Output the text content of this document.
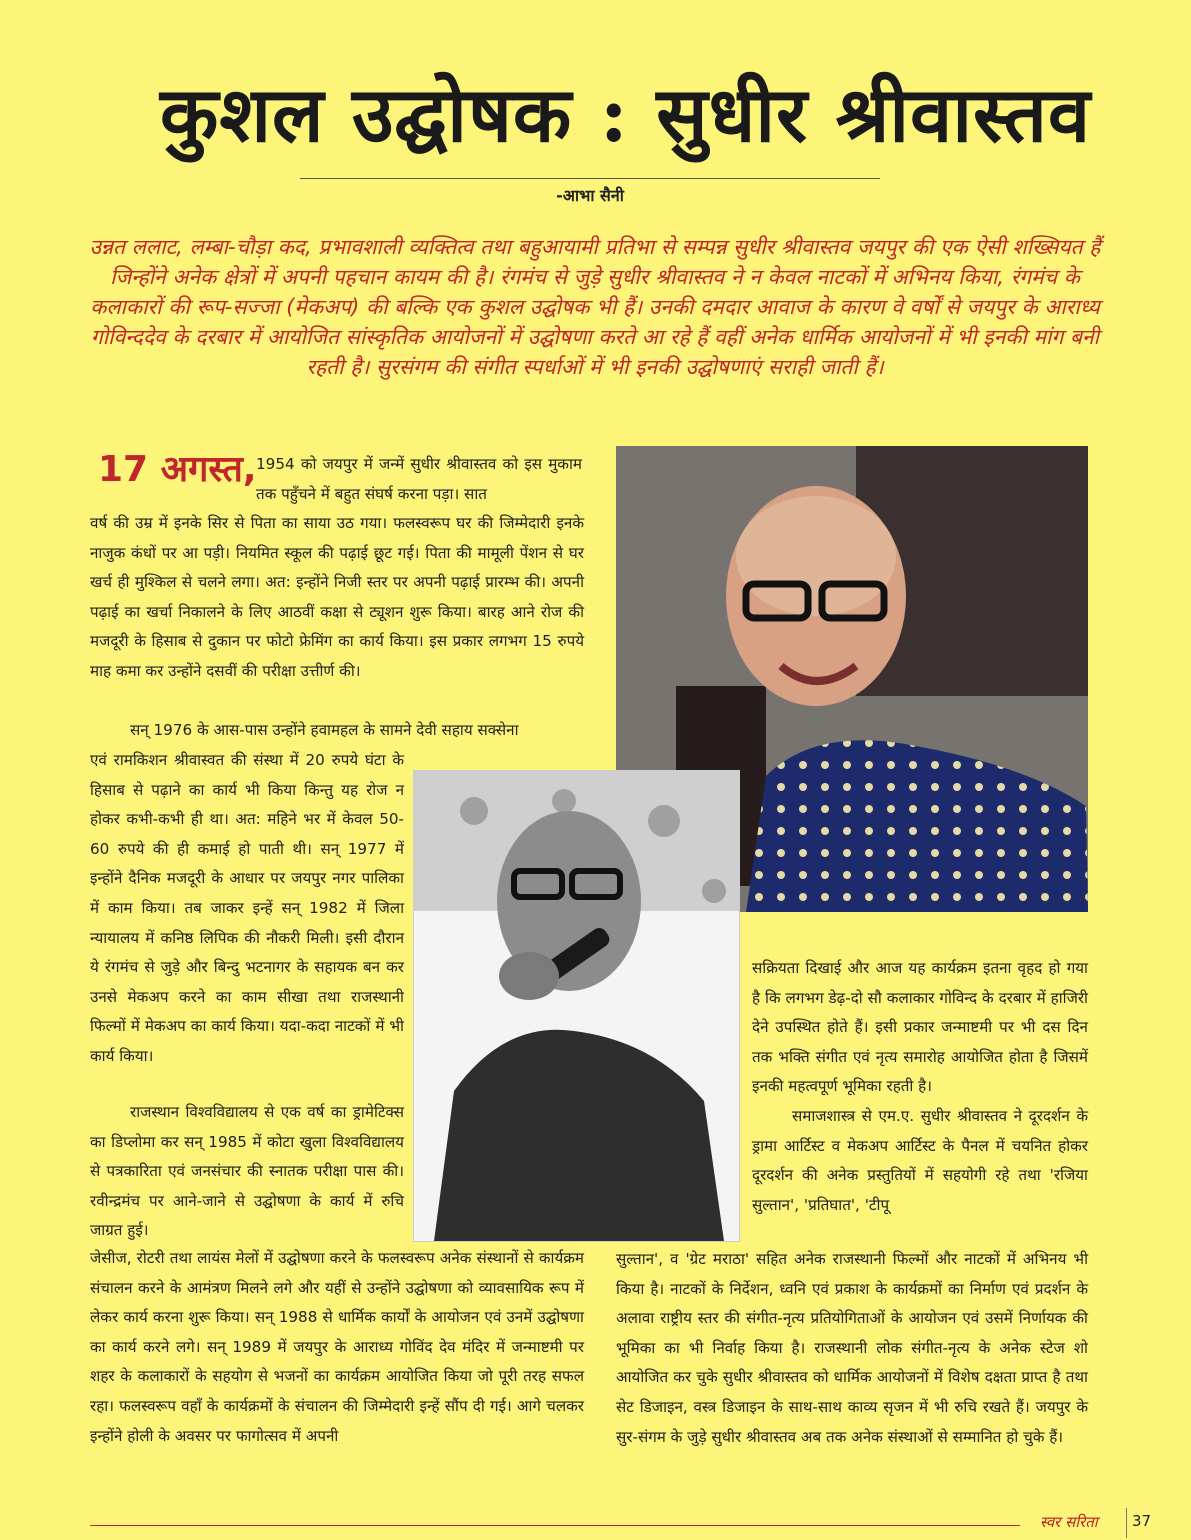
कुशल उद्घोषक : सुधीर श्रीवास्तव
-आभा सैनी
उन्नत ललाट, लम्बा-चौड़ा कद, प्रभावशाली व्यक्तित्व तथा बहुआयामी प्रतिभा से सम्पन्न सुधीर श्रीवास्तव जयपुर की एक ऐसी शख्सियत हैं जिन्होंने अनेक क्षेत्रों में अपनी पहचान कायम की है। रंगमंच से जुड़े सुधीर श्रीवास्तव ने न केवल नाटकों में अभिनय किया, रंगमंच के कलाकारों की रूप-सज्जा (मेकअप) की बल्कि एक कुशल उद्घोषक भी हैं। उनकी दमदार आवाज के कारण वे वर्षों से जयपुर के आराध्य गोविन्ददेव के दरबार में आयोजित सांस्कृतिक आयोजनों में उद्घोषणा करते आ रहे हैं वहीं अनेक धार्मिक आयोजनों में भी इनकी मांग बनी रहती है। सुरसंगम की संगीत स्पर्धाओं में भी इनकी उद्घोषणाएं सराही जाती हैं।
17 अगस्त, 1954 को जयपुर में जन्में सुधीर श्रीवास्तव को इस मुकाम तक पहुँचने में बहुत संघर्ष करना पड़ा। सात
वर्ष की उम्र में इनके सिर से पिता का साया उठ गया। फलस्वरूप घर की जिम्मेदारी इनके नाजुक कंधों पर आ पड़ी। नियमित स्कूल की पढ़ाई छूट गई। पिता की मामूली पेंशन से घर खर्च ही मुश्किल से चलने लगा। अत: इन्होंने निजी स्तर पर अपनी पढ़ाई प्रारम्भ की। अपनी पढ़ाई का खर्चा निकालने के लिए आठवीं कक्षा से ट्यूशन शुरू किया। बारह आने रोज की मजदूरी के हिसाब से दुकान पर फोटो फ्रेमिंग का कार्य किया। इस प्रकार लगभग 15 रुपये माह कमा कर उन्होंने दसवीं की परीक्षा उत्तीर्ण की।
सन् 1976 के आस-पास उन्होंने हवामहल के सामने देवी सहाय सक्सेना
एवं रामकिशन श्रीवास्वत की संस्था में 20 रुपये घंटा के हिसाब से पढ़ाने का कार्य भी किया किन्तु यह रोज न होकर कभी-कभी ही था। अत: महिने भर में केवल 50-60 रुपये की ही कमाई हो पाती थी। सन् 1977 में इन्होंने दैनिक मजदूरी के आधार पर जयपुर नगर पालिका में काम किया। तब जाकर इन्हें सन् 1982 में जिला न्यायालय में कनिष्ठ लिपिक की नौकरी मिली। इसी दौरान ये रंगमंच से जुड़े और बिन्दु भटनागर के सहायक बन कर उनसे मेकअप करने का काम सीखा तथा राजस्थानी फिल्मों में मेकअप का कार्य किया। यदा-कदा नाटकों में भी कार्य किया।
राजस्थान विश्वविद्यालय से एक वर्ष का ड्रामेटिक्स का डिप्लोमा कर सन् 1985 में कोटा खुला विश्वविद्यालय से पत्रकारिता एवं जनसंचार की स्नातक परीक्षा पास की। रवीन्द्रमंच पर आने-जाने से उद्घोषणा के कार्य में रुचि जाग्रत हुई।
जेसीज, रोटरी तथा लायंस मेलों में उद्घोषणा करने के फलस्वरूप अनेक संस्थानों से कार्यक्रम संचालन करने के आमंत्रण मिलने लगे और यहीं से उन्होंने उद्घोषणा को व्यावसायिक रूप में लेकर कार्य करना शुरू किया। सन् 1988 से धार्मिक कार्यों के आयोजन एवं उनमें उद्घोषणा का कार्य करने लगे। सन् 1989 में जयपुर के आराध्य गोविंद देव मंदिर में जन्माष्टमी पर शहर के कलाकारों के सहयोग से भजनों का कार्यक्रम आयोजित किया जो पूरी तरह सफल रहा। फलस्वरूप वहाँ के कार्यक्रमों के संचालन की जिम्मेदारी इन्हें सौंप दी गई। आगे चलकर इन्होंने होली के अवसर पर फागोत्सव में अपनी
सक्रियता दिखाई और आज यह कार्यक्रम इतना वृहद हो गया है कि लगभग डेढ़-दो सौ कलाकार गोविन्द के दरबार में हाजिरी देने उपस्थित होते हैं। इसी प्रकार जन्माष्टमी पर भी दस दिन तक भक्ति संगीत एवं नृत्य समारोह आयोजित होता है जिसमें इनकी महत्वपूर्ण भूमिका रहती है।
समाजशास्त्र से एम.ए. सुधीर श्रीवास्तव ने दूरदर्शन के ड्रामा आर्टिस्ट व मेकअप आर्टिस्ट के पैनल में चयनित होकर दूरदर्शन की अनेक प्रस्तुतियों में सहयोगी रहे तथा 'रजिया सुल्तान', 'प्रतिघात', 'टीपू
सुल्तान', व 'ग्रेट मराठा' सहित अनेक राजस्थानी फिल्मों और नाटकों में अभिनय भी किया है। नाटकों के निर्देशन, ध्वनि एवं प्रकाश के कार्यक्रमों का निर्माण एवं प्रदर्शन के अलावा राष्ट्रीय स्तर की संगीत-नृत्य प्रतियोगिताओं के आयोजन एवं उसमें निर्णायक की भूमिका का भी निर्वाह किया है। राजस्थानी लोक संगीत-नृत्य के अनेक स्टेज शो आयोजित कर चुके सुधीर श्रीवास्तव को धार्मिक आयोजनों में विशेष दक्षता प्राप्त है तथा सेट डिजाइन, वस्त्र डिजाइन के साथ-साथ काव्य सृजन में भी रुचि रखते हैं। जयपुर के सुर-संगम के जुड़े सुधीर श्रीवास्तव अब तक अनेक संस्थाओं से सम्मानित हो चुके हैं।
स्वर सरिता 37
